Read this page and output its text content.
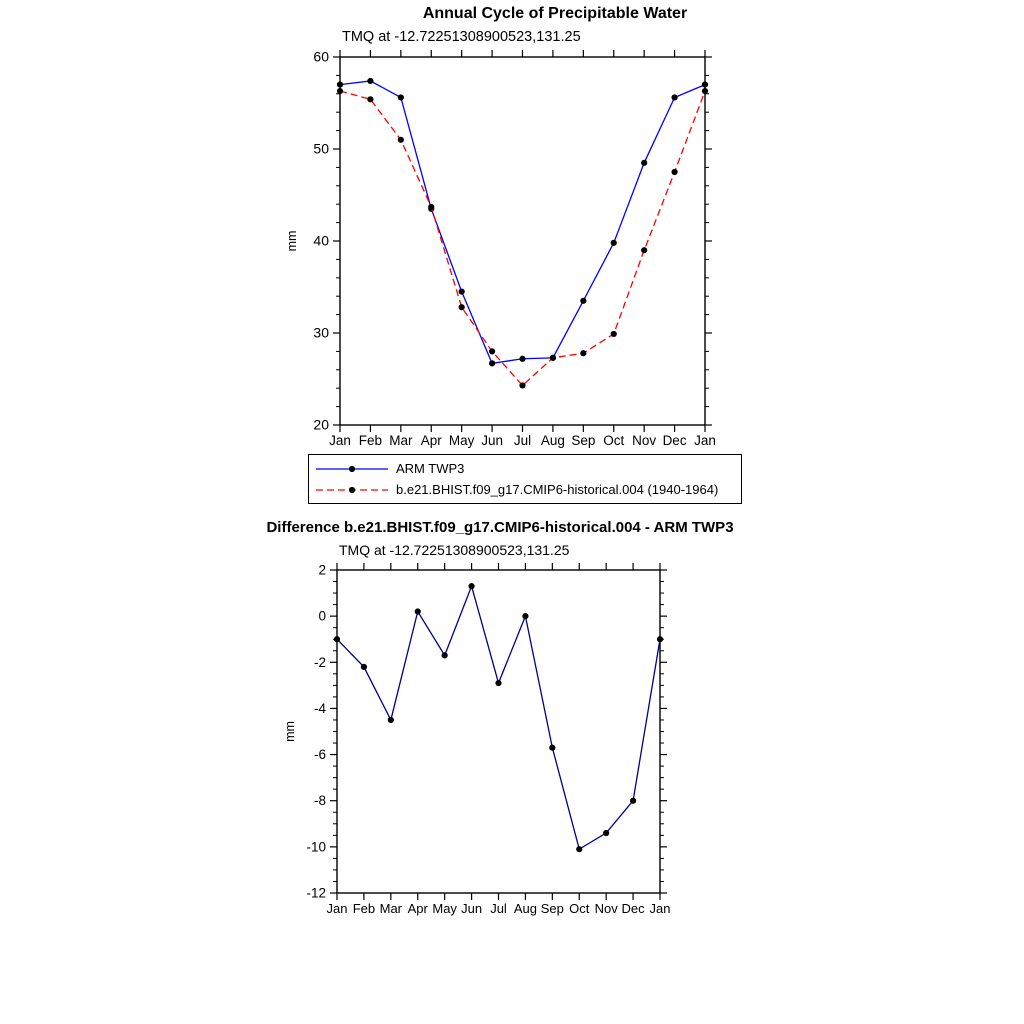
Annual Cycle of Precipitable Water
TMQ at -12.72251308900523,131.25
20
30
40
50
60
Jan Feb Mar Apr May Jun Jul Aug Sep Oct Nov Dec Jan
mm
ARM TWP3
b.e21.BHIST.f09_g17.CMIP6-historical.004 (1940-1964)
Difference b.e21.BHIST.f09_g17.CMIP6-historical.004 - ARM TWP3
TMQ at -12.72251308900523,131.25
-12
-10
-8
-6
-4
-2
0
2
Jan Feb Mar Apr May Jun Jul Aug Sep Oct Nov Dec Jan
mm
